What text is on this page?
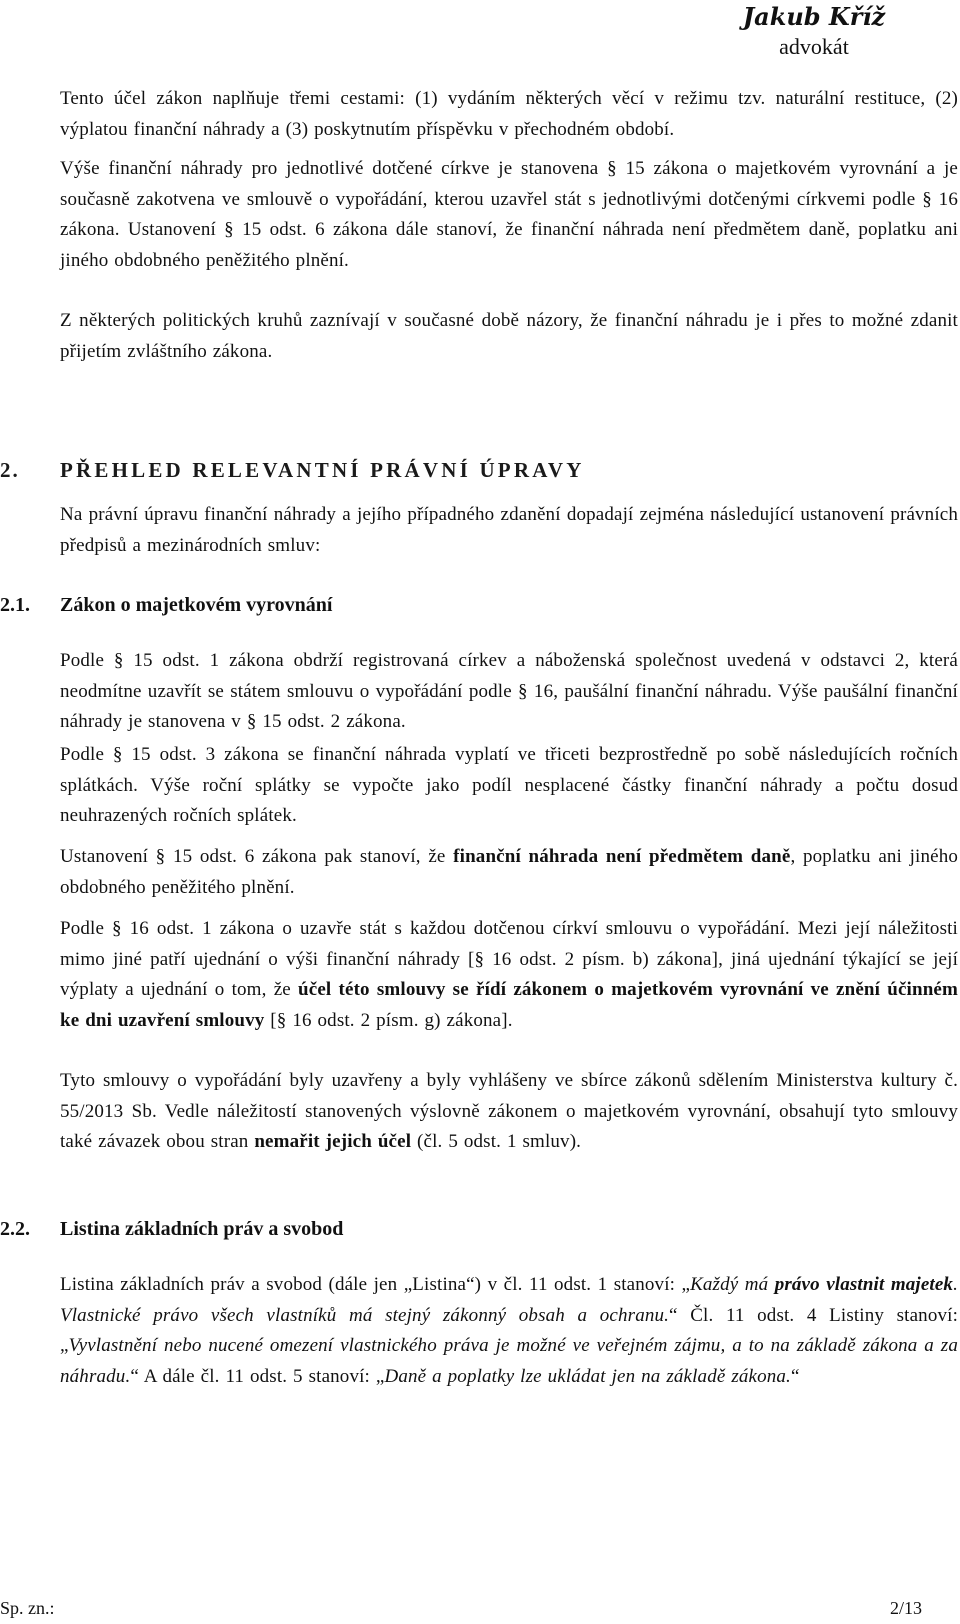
Jakub Kříž
advokát

Tento účel zákon naplňuje třemi cestami: (1) vydáním některých věcí v režimu tzv. naturální restituce, (2) výplatou finanční náhrady a (3) poskytnutím příspěvku v přechodném období.

Výše finanční náhrady pro jednotlivé dotčené církve je stanovena § 15 zákona o majetkovém vyrovnání a je současně zakotvena ve smlouvě o vypořádání, kterou uzavřel stát s jednotlivými dotčenými církvemi podle § 16 zákona. Ustanovení § 15 odst. 6 zákona dále stanoví, že finanční náhrada není předmětem daně, poplatku ani jiného obdobného peněžitého plnění.

Z některých politických kruhů zaznívají v současné době názory, že finanční náhradu je i přes to možné zdanit přijetím zvláštního zákona.

2. PŘEHLED RELEVANTNÍ PRÁVNÍ ÚPRAVY

Na právní úpravu finanční náhrady a jejího případného zdanění dopadají zejména následující ustanovení právních předpisů a mezinárodních smluv:

2.1. Zákon o majetkovém vyrovnání

Podle § 15 odst. 1 zákona obdrží registrovaná církev a náboženská společnost uvedená v odstavci 2, která neodmítne uzavřít se státem smlouvu o vypořádání podle § 16, paušální finanční náhradu. Výše paušální finanční náhrady je stanovena v § 15 odst. 2 zákona.

Podle § 15 odst. 3 zákona se finanční náhrada vyplatí ve třiceti bezprostředně po sobě následujících ročních splátkách. Výše roční splátky se vypočte jako podíl nesplacené částky finanční náhrady a počtu dosud neuhrazených ročních splátek.

Ustanovení § 15 odst. 6 zákona pak stanoví, že finanční náhrada není předmětem daně, poplatku ani jiného obdobného peněžitého plnění.

Podle § 16 odst. 1 zákona o uzavře stát s každou dotčenou církví smlouvu o vypořádání. Mezi její náležitosti mimo jiné patří ujednání o výši finanční náhrady [§ 16 odst. 2 písm. b) zákona], jiná ujednání týkající se její výplaty a ujednání o tom, že účel této smlouvy se řídí zákonem o majetkovém vyrovnání ve znění účinném ke dni uzavření smlouvy [§ 16 odst. 2 písm. g) zákona].

Tyto smlouvy o vypořádání byly uzavřeny a byly vyhlášeny ve sbírce zákonů sdělením Ministerstva kultury č. 55/2013 Sb. Vedle náležitostí stanovených výslovně zákonem o majetkovém vyrovnání, obsahují tyto smlouvy také závazek obou stran nemařit jejich účel (čl. 5 odst. 1 smluv).

2.2. Listina základních práv a svobod

Listina základních práv a svobod (dále jen „Listina“) v čl. 11 odst. 1 stanoví: „Každý má právo vlastnit majetek. Vlastnické právo všech vlastníků má stejný zákonný obsah a ochranu.“ Čl. 11 odst. 4 Listiny stanoví: „Vyvlastnění nebo nucené omezení vlastnického práva je možné ve veřejném zájmu, a to na základě zákona a za náhradu.“ A dále čl. 11 odst. 5 stanoví: „Daně a poplatky lze ukládat jen na základě zákona.“

Sp. zn.:	2/13
